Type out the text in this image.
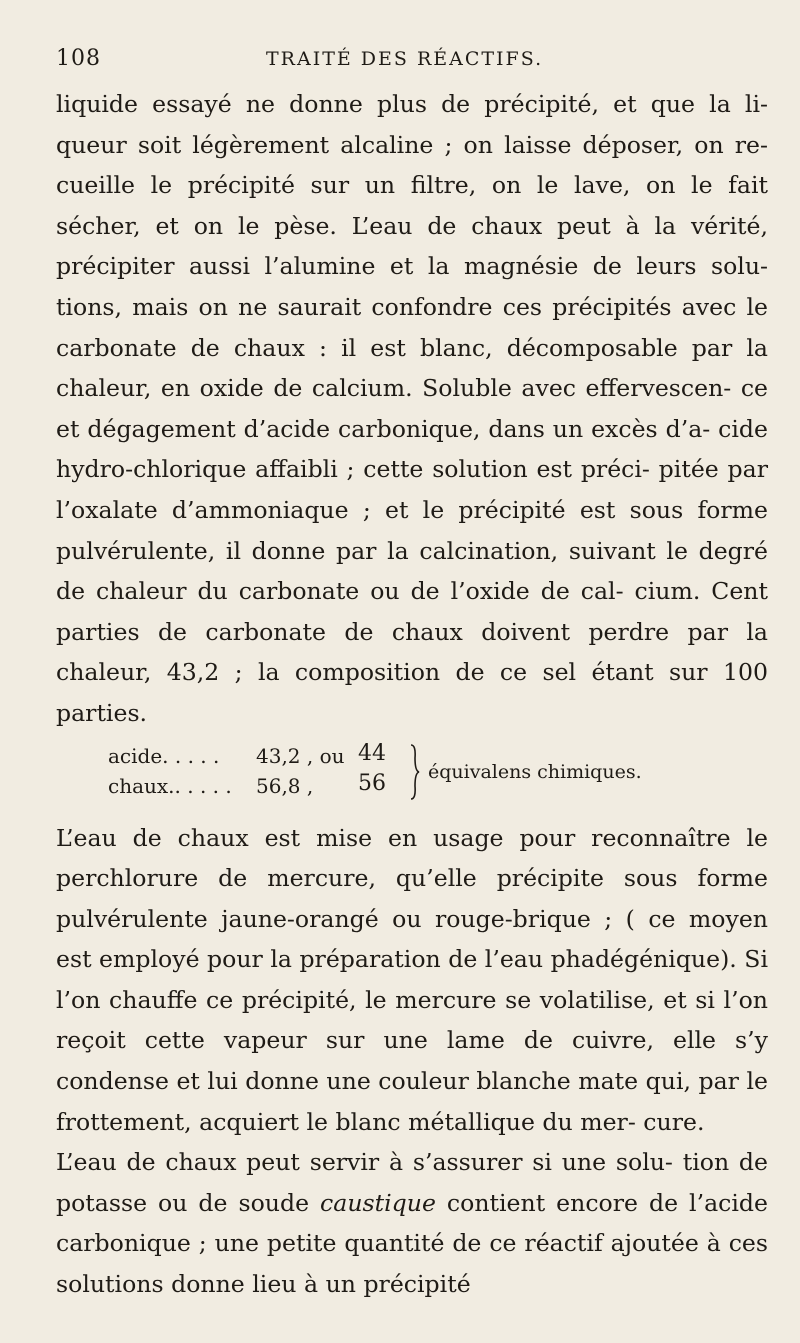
108	TRAITÉ DES RÉACTIFS.

liquide essayé ne donne plus de précipité, et que la li- queur soit légèrement alcaline ; on laisse déposer, on re- cueille le précipité sur un filtre, on le lave, on le fait sécher, et on le pèse. L’eau de chaux peut à la vérité, précipiter aussi l’alumine et la magnésie de leurs solu- tions, mais on ne saurait confondre ces précipités avec le carbonate de chaux : il est blanc, décomposable par la chaleur, en oxide de calcium. Soluble avec effervescen- ce et dégagement d’acide carbonique, dans un excès d’a- cide hydro-chlorique affaibli ; cette solution est préci- pitée par l’oxalate d’ammoniaque ; et le précipité est sous forme pulvérulente, il donne par la calcination, suivant le degré de chaleur du carbonate ou de l’oxide de cal- cium. Cent parties de carbonate de chaux doivent perdre par la chaleur, 43,2 ; la composition de ce sel étant sur 100 parties.

acide. . . . . 43,2 , ou 44
chaux.. . . . . 56,8 , 56 équivalens chimiques.

L’eau de chaux est mise en usage pour reconnaître le perchlorure de mercure, qu’elle précipite sous forme pulvérulente jaune-orangé ou rouge-brique ; ( ce moyen est employé pour la préparation de l’eau phadégénique). Si l’on chauffe ce précipité, le mercure se volatilise, et si l’on reçoit cette vapeur sur une lame de cuivre, elle s’y condense et lui donne une couleur blanche mate qui, par le frottement, acquiert le blanc métallique du mer- cure.

L’eau de chaux peut servir à s’assurer si une solu- tion de potasse ou de soude caustique contient encore de l’acide carbonique ; une petite quantité de ce réactif ajoutée à ces solutions donne lieu à un précipité
